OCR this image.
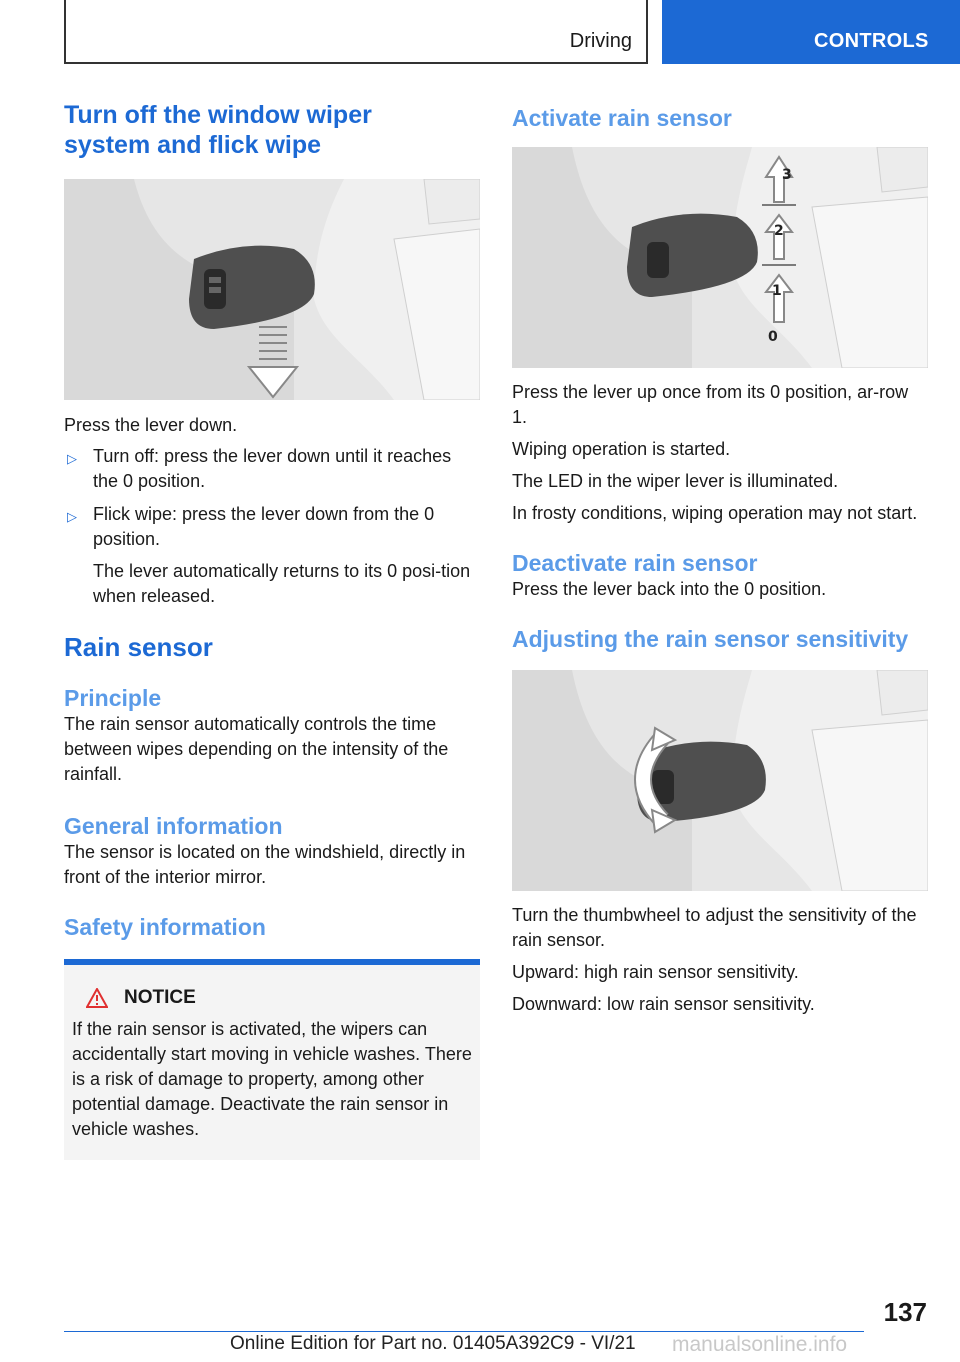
Driving	CONTROLS
Turn off the window wiper system and flick wipe

Press the lever down.

▷ Turn off: press the lever down until it reaches the 0 position.
▷ Flick wipe: press the lever down from the 0 position.
The lever automatically returns to its 0 posi‐tion when released.
Rain sensor
Principle

The rain sensor automatically controls the time between wipes depending on the intensity of the rainfall.

General information

The sensor is located on the windshield, directly in front of the interior mirror.

Safety information
NOTICE

If the rain sensor is activated, the wipers can accidentally start moving in vehicle washes. There is a risk of damage to property, among other potential damage. Deactivate the rain sensor in vehicle washes.

Activate rain sensor
1
2
3
0

Press the lever up once from its 0 position, ar‐row 1.

Wiping operation is started.

The LED in the wiper lever is illuminated.

In frosty conditions, wiping operation may not start.

Deactivate rain sensor

Press the lever back into the 0 position.

Adjusting the rain sensor sensitivity

Turn the thumbwheel to adjust the sensitivity of the rain sensor.

Upward: high rain sensor sensitivity.

Downward: low rain sensor sensitivity.

137
Online Edition for Part no. 01405A392C9 - VI/21 manualsonline.info
